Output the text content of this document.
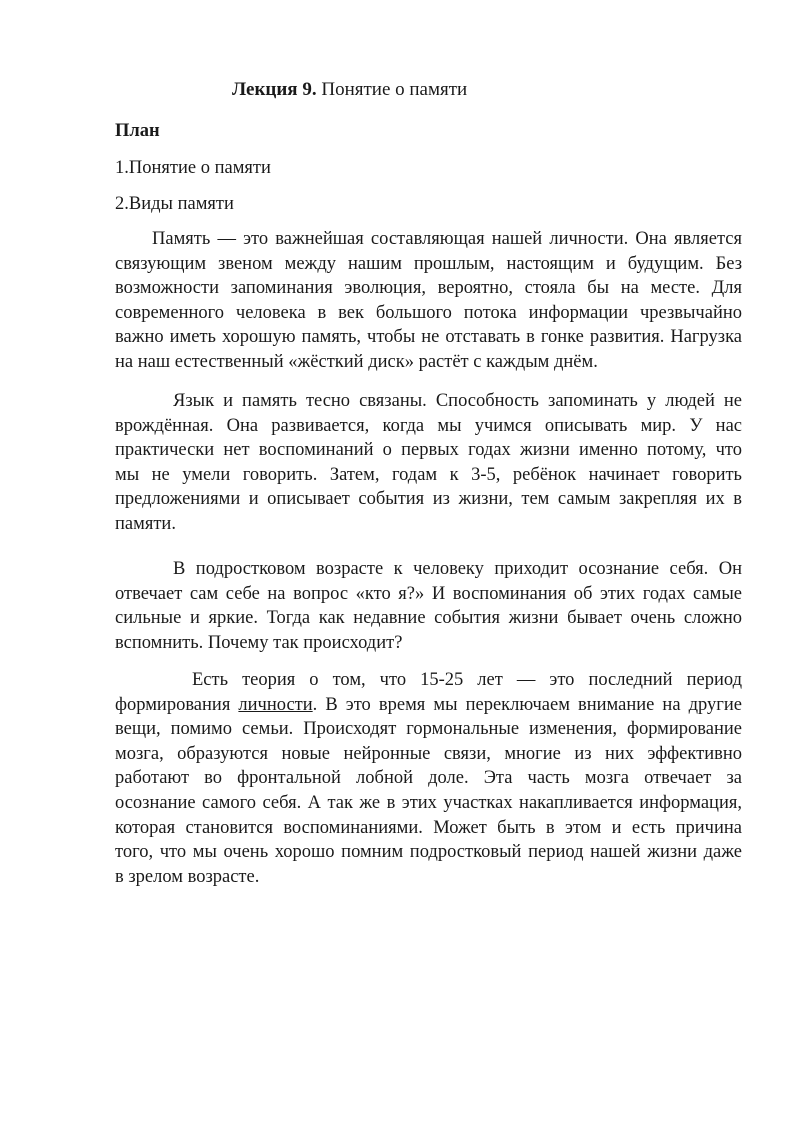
Лекция 9. Понятие о памяти
План
1.Понятие о памяти
2.Виды памяти
Память — это важнейшая составляющая нашей личности. Она является
связующим звеном между нашим прошлым, настоящим и будущим. Без
возможности запоминания эволюция, вероятно, стояла бы на месте. Для
современного человека в век большого потока информации чрезвычайно
важно иметь хорошую память, чтобы не отставать в гонке развития. Нагрузка
на наш естественный «жёсткий диск» растёт с каждым днём.
Язык и память тесно связаны. Способность запоминать у людей не
врождённая. Она развивается, когда мы учимся описывать мир. У нас
практически нет воспоминаний о первых годах жизни именно потому, что
мы не умели говорить. Затем, годам к 3-5, ребёнок начинает говорить
предложениями и описывает события из жизни, тем самым закрепляя их в
памяти.
В подростковом возрасте к человеку приходит осознание себя. Он
отвечает сам себе на вопрос «кто я?» И воспоминания об этих годах самые
сильные и яркие. Тогда как недавние события жизни бывает очень сложно
вспомнить. Почему так происходит?
Есть теория о том, что 15-25 лет — это последний период
формирования личности. В это время мы переключаем внимание на другие
вещи, помимо семьи. Происходят гормональные изменения, формирование
мозга, образуются новые нейронные связи, многие из них эффективно
работают во фронтальной лобной доле. Эта часть мозга отвечает за
осознание самого себя. А так же в этих участках накапливается информация,
которая становится воспоминаниями. Может быть в этом и есть причина
того, что мы очень хорошо помним подростковый период нашей жизни даже
в зрелом возрасте.
